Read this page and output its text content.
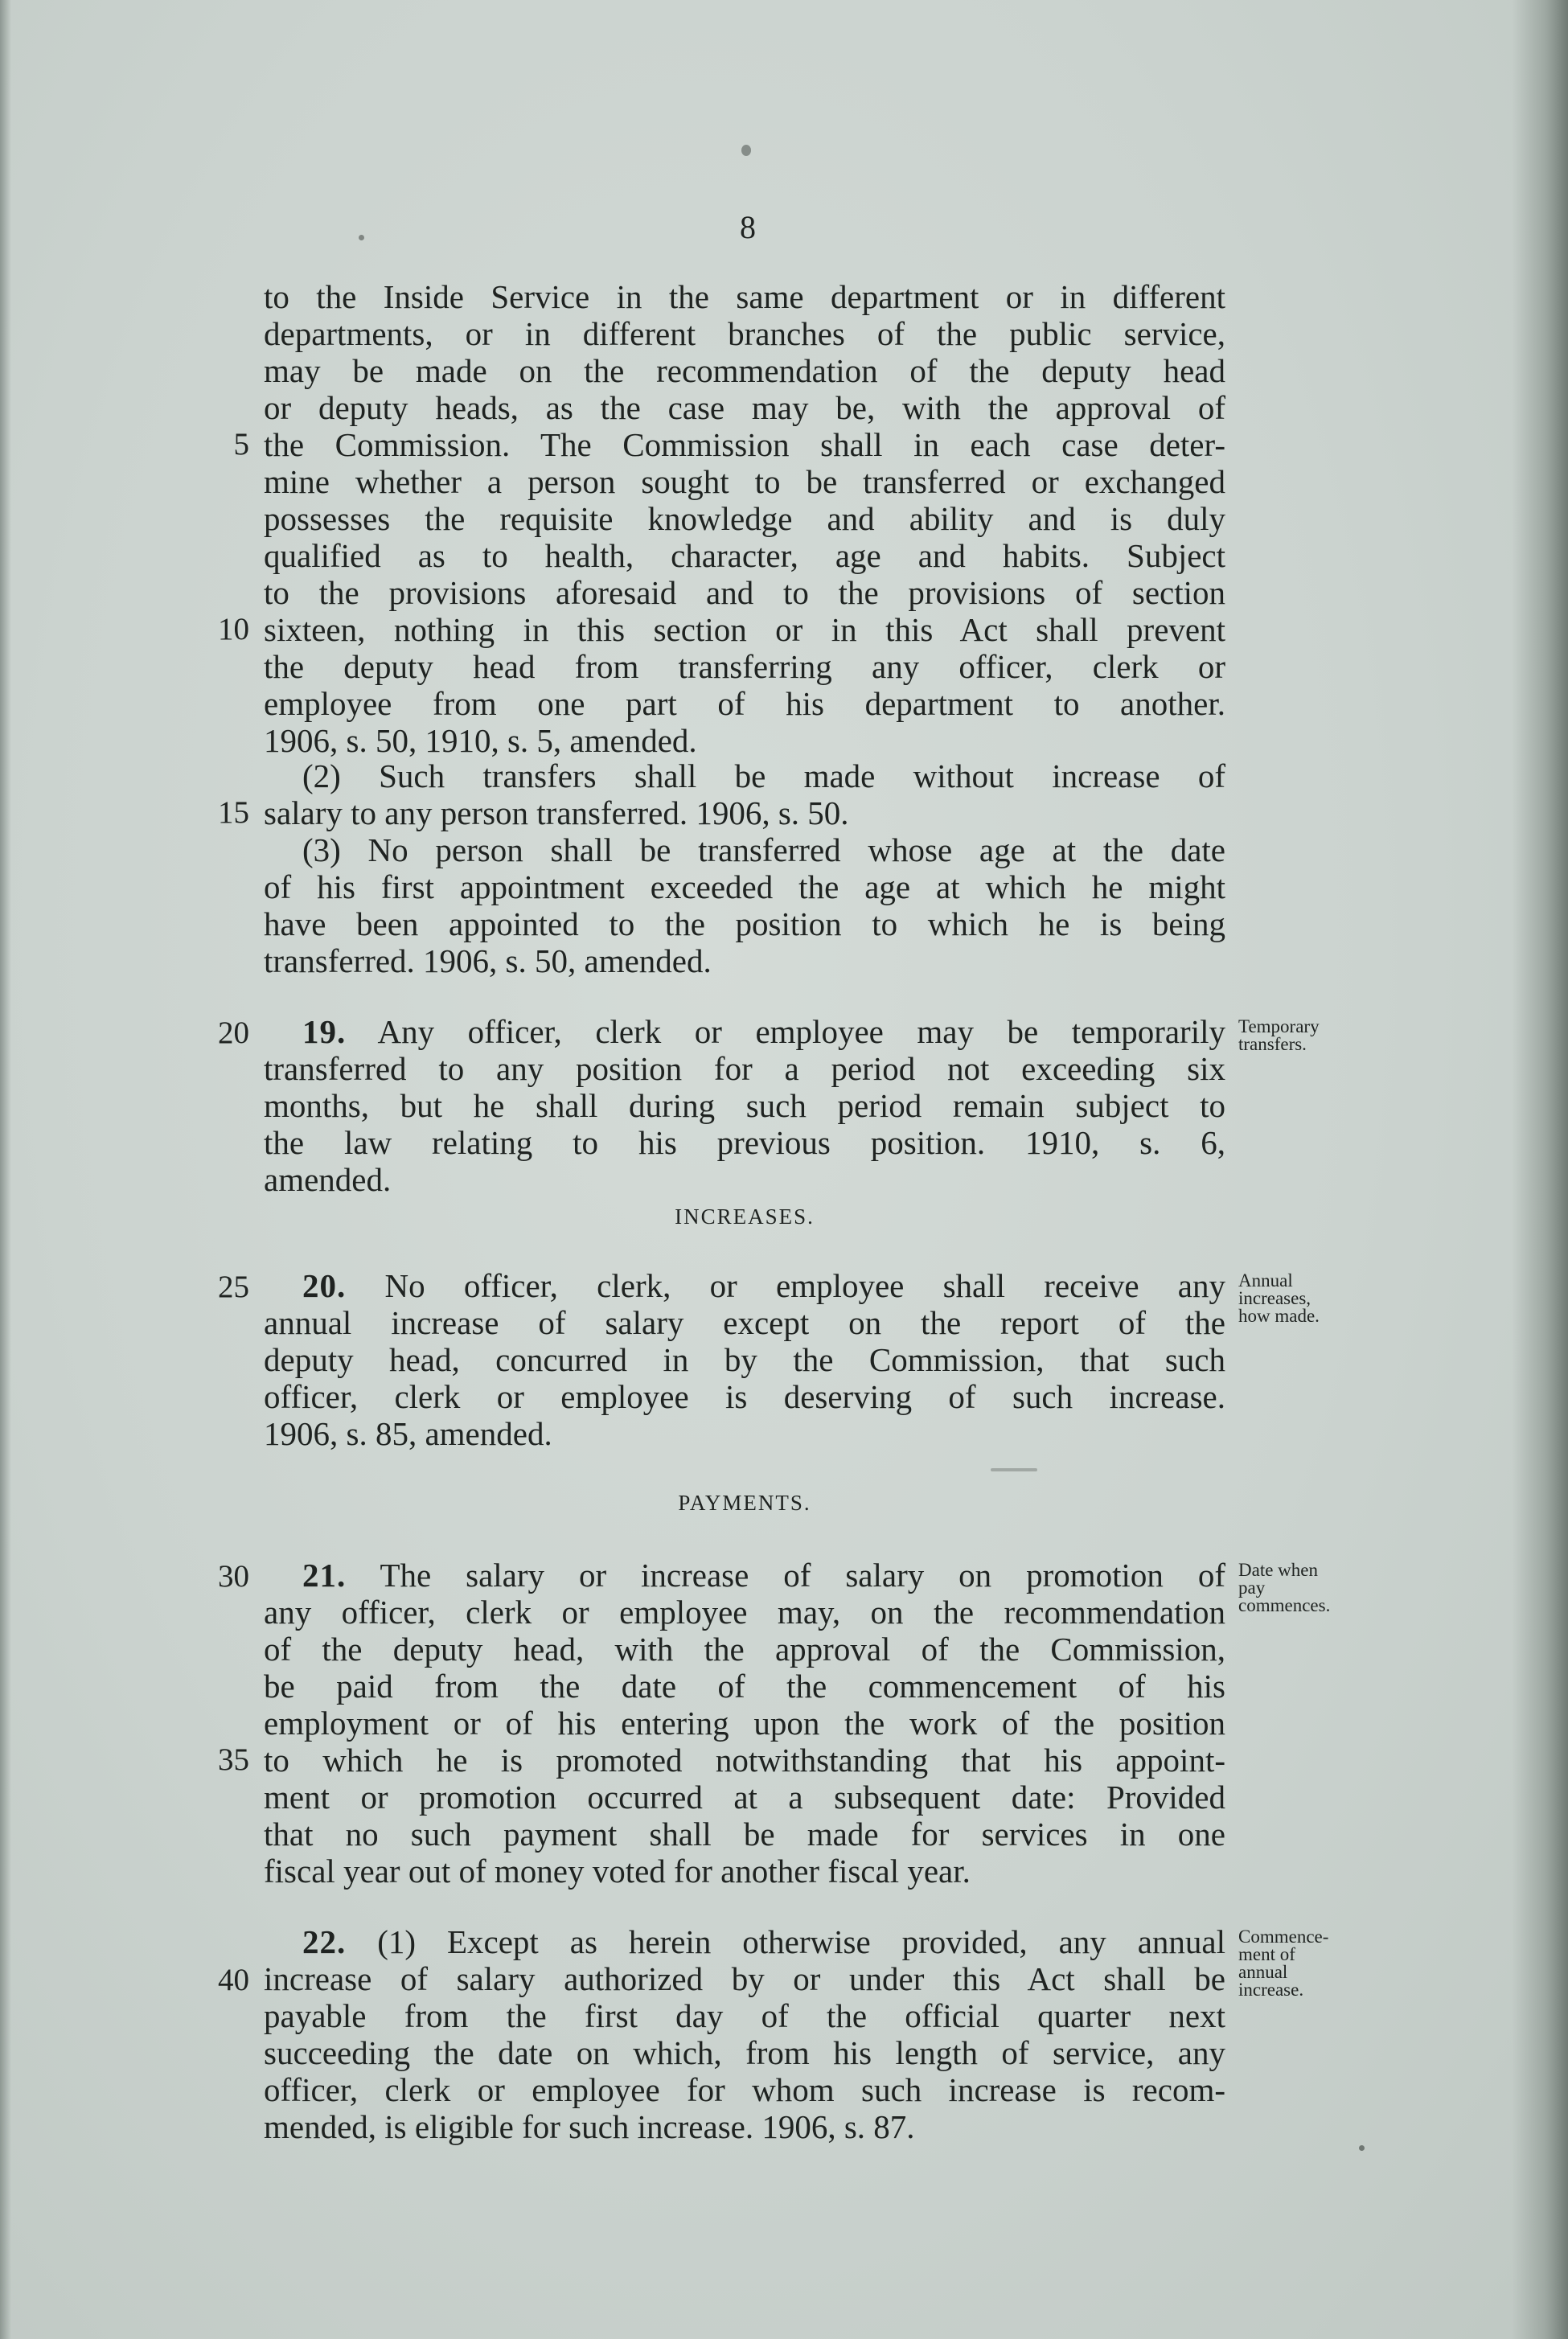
8
to the Inside Service in the same department or in different
departments, or in different branches of the public service,
may be made on the recommendation of the deputy head
or deputy heads, as the case may be, with the approval of
the Commission. The Commission shall in each case deter-
mine whether a person sought to be transferred or exchanged
possesses the requisite knowledge and ability and is duly
qualified as to health, character, age and habits. Subject
to the provisions aforesaid and to the provisions of section
sixteen, nothing in this section or in this Act shall prevent
the deputy head from transferring any officer, clerk or
employee from one part of his department to another.
1906, s. 50, 1910, s. 5, amended.
(2) Such transfers shall be made without increase of
salary to any person transferred. 1906, s. 50.
(3) No person shall be transferred whose age at the date
of his first appointment exceeded the age at which he might
have been appointed to the position to which he is being
transferred. 1906, s. 50, amended.
19. Any officer, clerk or employee may be temporarily
transferred to any position for a period not exceeding six
months, but he shall during such period remain subject to
the law relating to his previous position. 1910, s. 6,
amended.
Temporary
transfers.
INCREASES.
20. No officer, clerk, or employee shall receive any
annual increase of salary except on the report of the
deputy head, concurred in by the Commission, that such
officer, clerk or employee is deserving of such increase.
1906, s. 85, amended.
Annual
increases,
how made.
PAYMENTS.
21. The salary or increase of salary on promotion of
any officer, clerk or employee may, on the recommendation
of the deputy head, with the approval of the Commission,
be paid from the date of the commencement of his
employment or of his entering upon the work of the position
to which he is promoted notwithstanding that his appoint-
ment or promotion occurred at a subsequent date: Provided
that no such payment shall be made for services in one
fiscal year out of money voted for another fiscal year.
Date when
pay
commences.
22. (1) Except as herein otherwise provided, any annual
increase of salary authorized by or under this Act shall be
payable from the first day of the official quarter next
succeeding the date on which, from his length of service, any
officer, clerk or employee for whom such increase is recom-
mended, is eligible for such increase. 1906, s. 87.
Commence-
ment of
annual
increase.
5
10
15
20
25
30
35
40
